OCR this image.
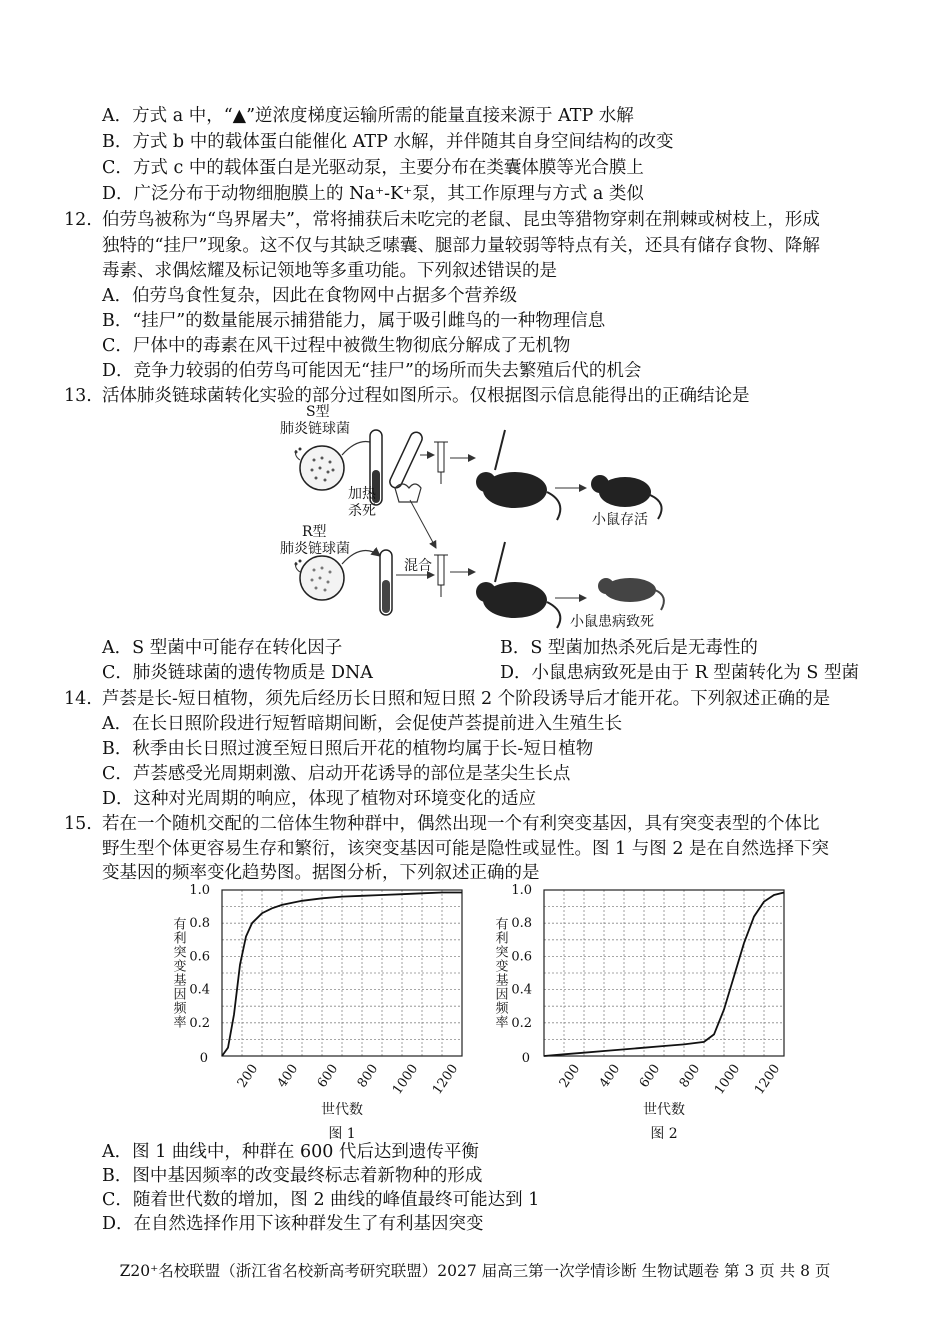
A．方式 a 中，“▲”逆浓度梯度运输所需的能量直接来源于 ATP 水解
B．方式 b 中的载体蛋白能催化 ATP 水解，并伴随其自身空间结构的改变
C．方式 c 中的载体蛋白是光驱动泵，主要分布在类囊体膜等光合膜上
D．广泛分布于动物细胞膜上的 Na⁺-K⁺泵，其工作原理与方式 a 类似
12. 伯劳鸟被称为“鸟界屠夫”，常将捕获后未吃完的老鼠、昆虫等猎物穿刺在荆棘或树枝上，形成
独特的“挂尸”现象。这不仅与其缺乏嗉囊、腿部力量较弱等特点有关，还具有储存食物、降解
毒素、求偶炫耀及标记领地等多重功能。下列叙述错误的是
A．伯劳鸟食性复杂，因此在食物网中占据多个营养级
B．“挂尸”的数量能展示捕猎能力，属于吸引雌鸟的一种物理信息
C．尸体中的毒素在风干过程中被微生物彻底分解成了无机物
D．竞争力较弱的伯劳鸟可能因无“挂尸”的场所而失去繁殖后代的机会
13. 活体肺炎链球菌转化实验的部分过程如图所示。仅根据图示信息能得出的正确结论是
S型
肺炎链球菌
加热
杀死
小鼠存活
R型
肺炎链球菌
混合
小鼠患病致死
A．S 型菌中可能存在转化因子	B．S 型菌加热杀死后是无毒性的
C．肺炎链球菌的遗传物质是 DNA	D．小鼠患病致死是由于 R 型菌转化为 S 型菌
14. 芦荟是长-短日植物，须先后经历长日照和短日照 2 个阶段诱导后才能开花。下列叙述正确的是
A．在长日照阶段进行短暂暗期间断，会促使芦荟提前进入生殖生长
B．秋季由长日照过渡至短日照后开花的植物均属于长-短日植物
C．芦荟感受光周期刺激、启动开花诱导的部位是茎尖生长点
D．这种对光周期的响应，体现了植物对环境变化的适应
15. 若在一个随机交配的二倍体生物种群中，偶然出现一个有利突变基因，具有突变表型的个体比
野生型个体更容易生存和繁衍，该突变基因可能是隐性或显性。图 1 与图 2 是在自然选择下突
变基因的频率变化趋势图。据图分析，下列叙述正确的是
0
0.2
0.4
0.6
0.8
1.0
200 400 600 800 1000 1200
有利突变基因频率
世代数
图 1
0
0.2
0.4
0.6
0.8
1.0
200 400 600 800 1000 1200
有利突变基因频率
世代数
图 2
A．图 1 曲线中，种群在 600 代后达到遗传平衡
B．图中基因频率的改变最终标志着新物种的形成
C．随着世代数的增加，图 2 曲线的峰值最终可能达到 1
D．在自然选择作用下该种群发生了有利基因突变
Z20⁺名校联盟（浙江省名校新高考研究联盟）2027 届高三第一次学情诊断 生物试题卷 第 3 页 共 8 页
